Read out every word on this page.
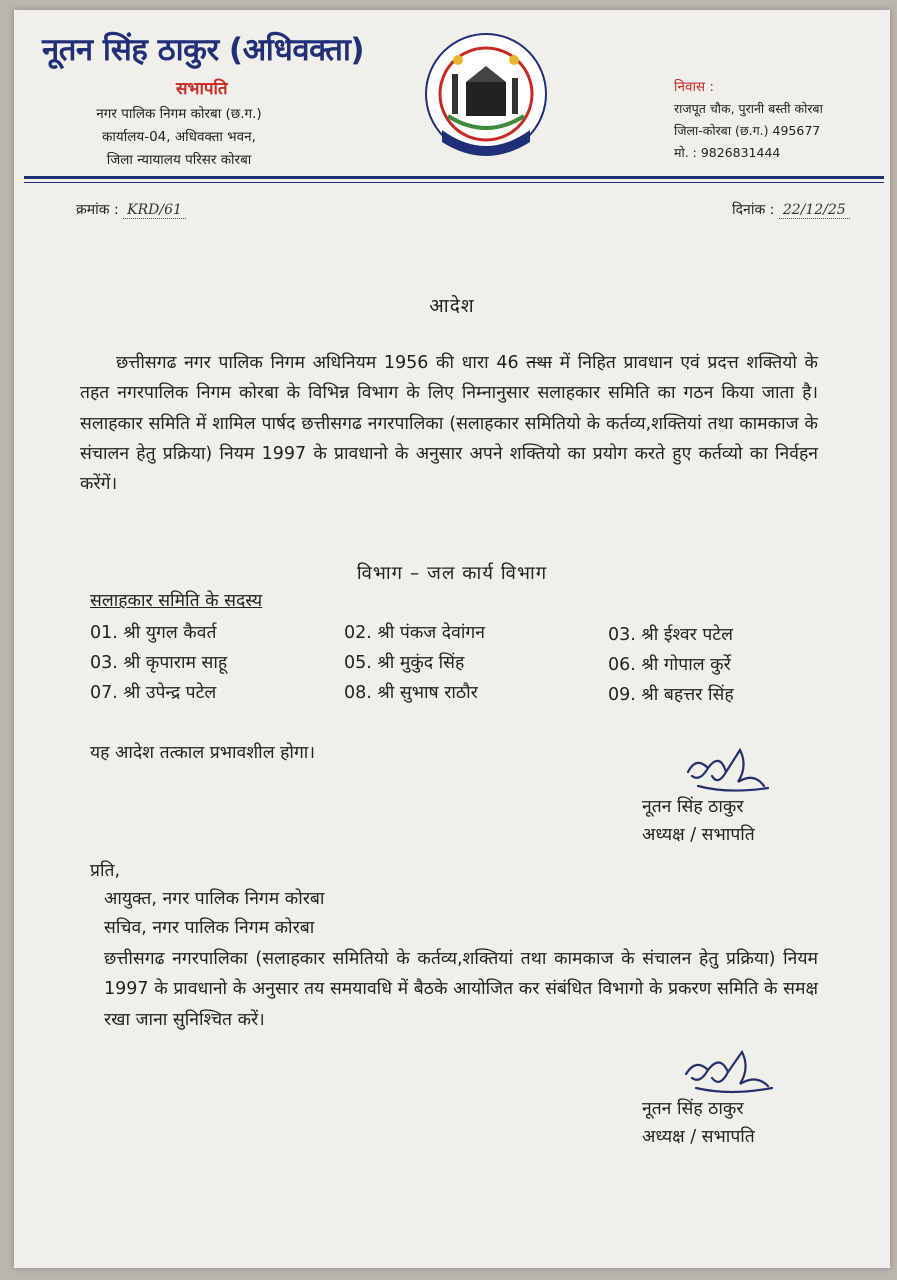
नूतन सिंह ठाकुर (अधिवक्ता)
सभापति
नगर पालिक निगम कोरबा (छ.ग.)
कार्यालय-04, अधिवक्ता भवन,
जिला न्यायालय परिसर कोरबा
निवास :
राजपूत चौक, पुरानी बस्ती कोरबा
जिला-कोरबा (छ.ग.) 495677
मो. : 9826831444
क्रमांक : KRD/61	दिनांक : 22/12/25
आदेश
छत्तीसगढ नगर पालिक निगम अधिनियम 1956 की धारा 46 तथा में निहित प्रावधान एवं प्रदत्त शक्तियो के तहत नगरपालिक निगम कोरबा के विभिन्न विभाग के लिए निम्नानुसार सलाहकार समिति का गठन किया जाता है। सलाहकार समिति में शामिल पार्षद छत्तीसगढ नगरपालिका (सलाहकार समितियो के कर्तव्य,शक्तियां तथा कामकाज के संचालन हेतु प्रक्रिया) नियम 1997 के प्रावधानो के अनुसार अपने शक्तियो का प्रयोग करते हुए कर्तव्यो का निर्वहन करेंगें।
विभाग – जल कार्य विभाग
सलाहकार समिति के सदस्य
01. श्री युगल कैवर्त	02. श्री पंकज देवांगन	03. श्री ईश्वर पटेल
03. श्री कृपाराम साहू	05. श्री मुकुंद सिंह	06. श्री गोपाल कुर्रे
07. श्री उपेन्द्र पटेल	08. श्री सुभाष राठौर	09. श्री बहत्तर सिंह
यह आदेश तत्काल प्रभावशील होगा।
नूतन सिंह ठाकुर
अध्यक्ष / सभापति
प्रति,
आयुक्त, नगर पालिक निगम कोरबा
सचिव, नगर पालिक निगम कोरबा
छत्तीसगढ नगरपालिका (सलाहकार समितियो के कर्तव्य,शक्तियां तथा कामकाज के संचालन हेतु प्रक्रिया) नियम 1997 के प्रावधानो के अनुसार तय समयावधि में बैठके आयोजित कर संबंधित विभागो के प्रकरण समिति के समक्ष रखा जाना सुनिश्चित करें।
नूतन सिंह ठाकुर
अध्यक्ष / सभापति
